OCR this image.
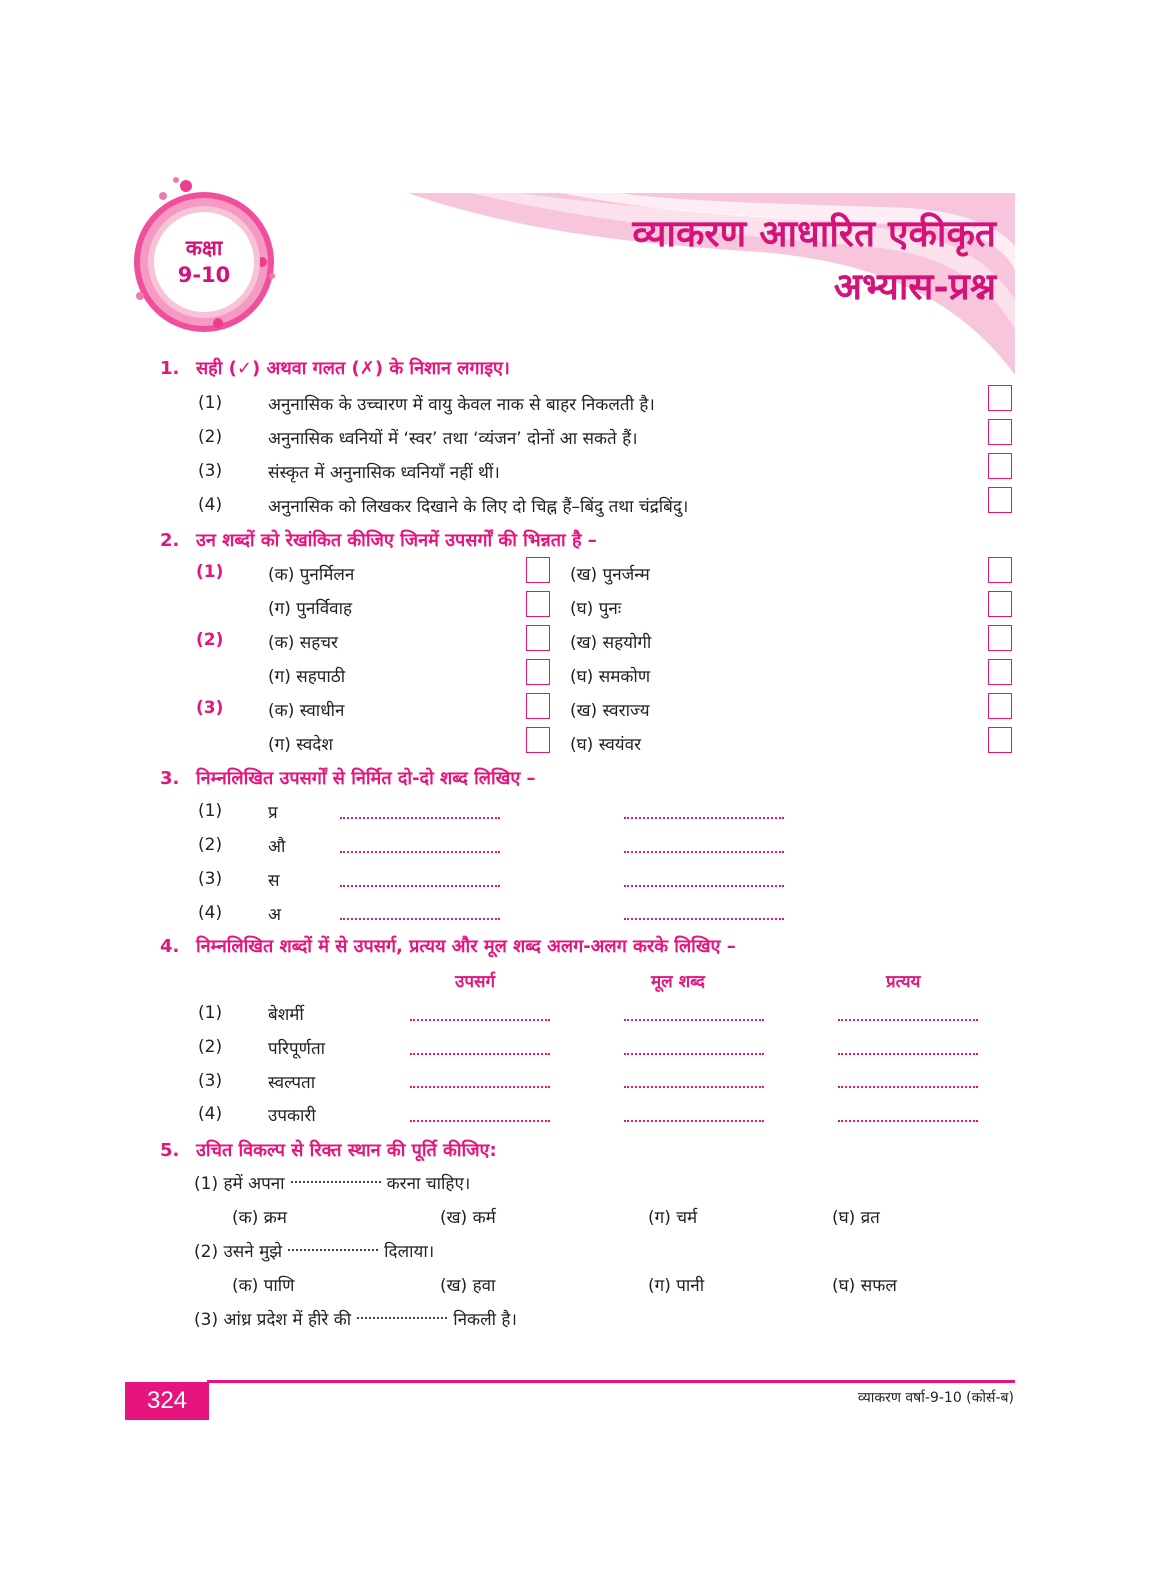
कक्षा
9-10
व्याकरण आधारित एकीकृत
अभ्यास-प्रश्न
1. सही (✓) अथवा गलत (✗) के निशान लगाइए।
(1)	अनुनासिक के उच्चारण में वायु केवल नाक से बाहर निकलती है।
(2)	अनुनासिक ध्वनियों में ‘स्वर’ तथा ‘व्यंजन’ दोनों आ सकते हैं।
(3)	संस्कृत में अनुनासिक ध्वनियाँ नहीं थीं।
(4)	अनुनासिक को लिखकर दिखाने के लिए दो चिह्न हैं–बिंदु तथा चंद्रबिंदु।
2. उन शब्दों को रेखांकित कीजिए जिनमें उपसर्गों की भिन्नता है –
(1)	(क) पुनर्मिलन	(ख) पुनर्जन्म
(ग) पुनर्विवाह	(घ) पुनः
(2)	(क) सहचर	(ख) सहयोगी
(ग) सहपाठी	(घ) समकोण
(3)	(क) स्वाधीन	(ख) स्वराज्य
(ग) स्वदेश	(घ) स्वयंवर
3. निम्नलिखित उपसर्गों से निर्मित दो-दो शब्द लिखिए –
(1)	प्र
(2)	औ
(3)	स
(4)	अ
4. निम्नलिखित शब्दों में से उपसर्ग, प्रत्यय और मूल शब्द अलग-अलग करके लिखिए –
उपसर्ग	मूल शब्द	प्रत्यय
(1)	बेशर्मी
(2)	परिपूर्णता
(3)	स्वल्पता
(4)	उपकारी
5. उचित विकल्प से रिक्त स्थान की पूर्ति कीजिए:
(1) हमें अपना	करना चाहिए।
(क) क्रम	(ख) कर्म	(ग) चर्म	(घ) व्रत
(2) उसने मुझे	दिलाया।
(क) पाणि	(ख) हवा	(ग) पानी	(घ) सफल
(3) आंध्र प्रदेश में हीरे की	निकली है।
324	व्याकरण वर्षा-9-10 (कोर्स-ब)
